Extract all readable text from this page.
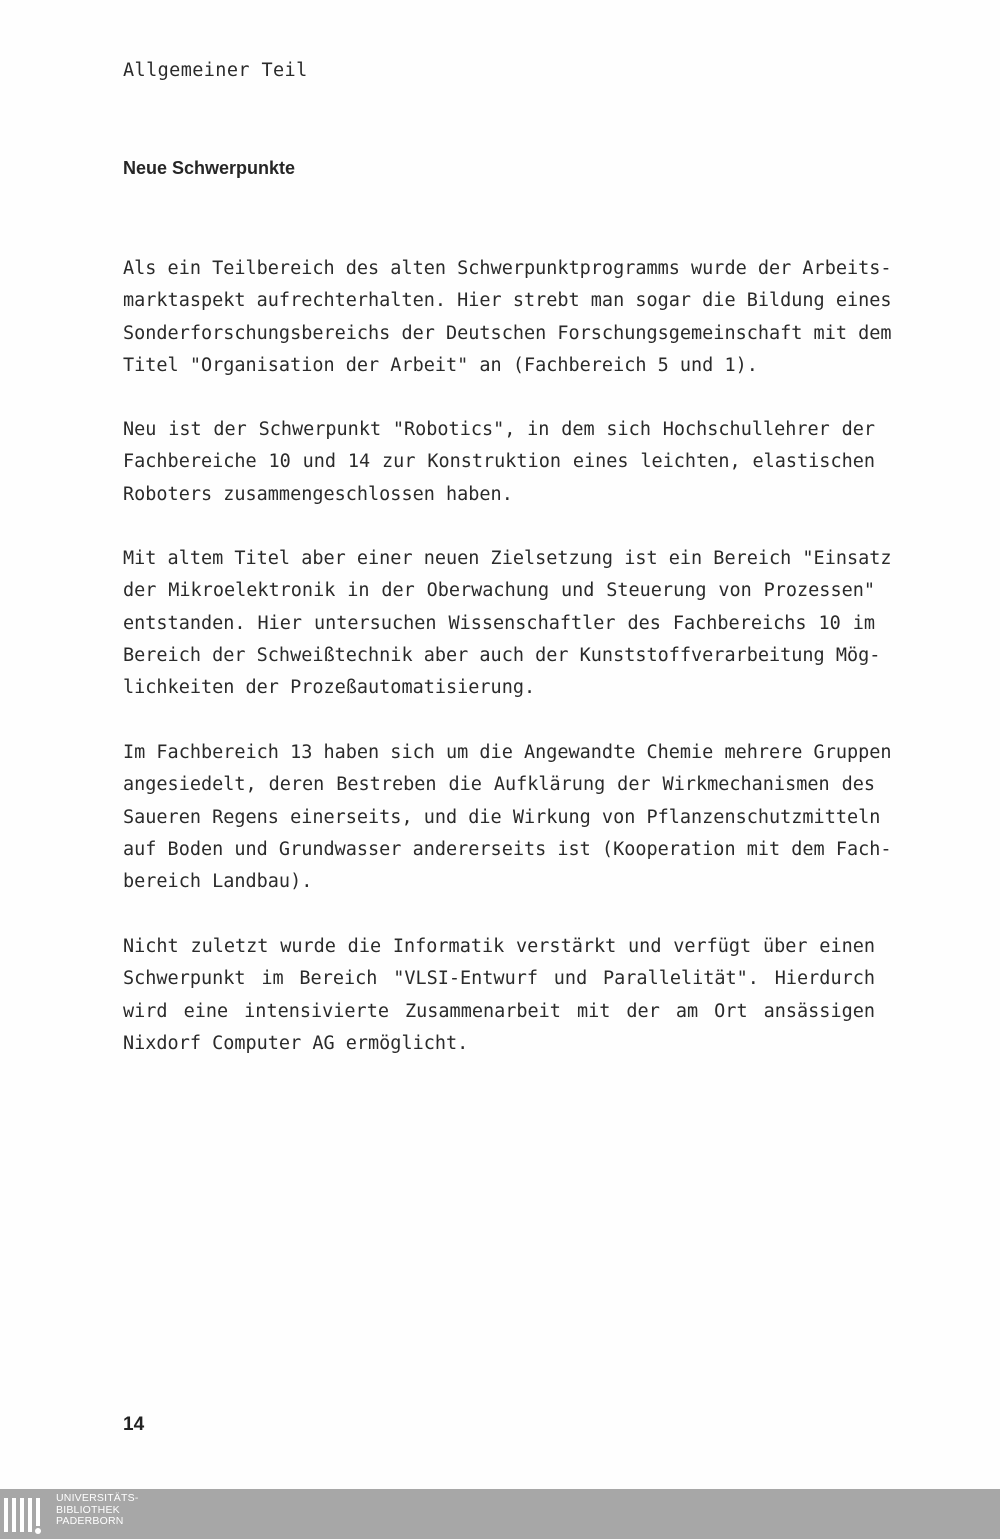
Allgemeiner Teil
Neue Schwerpunkte
Als ein Teilbereich des alten Schwerpunktprogramms wurde der Arbeits-
marktaspekt aufrechterhalten. Hier strebt man sogar die Bildung eines
Sonderforschungsbereichs der Deutschen Forschungsgemeinschaft mit dem
Titel "Organisation der Arbeit" an (Fachbereich 5 und 1).
Neu ist der Schwerpunkt "Robotics", in dem sich Hochschullehrer der
Fachbereiche 10 und 14 zur Konstruktion eines leichten, elastischen
Roboters zusammengeschlossen haben.
Mit altem Titel aber einer neuen Zielsetzung ist ein Bereich "Einsatz
der Mikroelektronik in der Oberwachung und Steuerung von Prozessen"
entstanden. Hier untersuchen Wissenschaftler des Fachbereichs 10 im
Bereich der Schweißtechnik aber auch der Kunststoffverarbeitung Mög-
lichkeiten der Prozeßautomatisierung.
Im Fachbereich 13 haben sich um die Angewandte Chemie mehrere Gruppen
angesiedelt, deren Bestreben die Aufklärung der Wirkmechanismen des
Saueren Regens einerseits, und die Wirkung von Pflanzenschutzmitteln
auf Boden und Grundwasser andererseits ist (Kooperation mit dem Fach-
bereich Landbau).
Nicht zuletzt wurde die Informatik verstärkt und verfügt über einen
Schwerpunkt im Bereich "VLSI-Entwurf und Parallelität". Hierdurch
wird eine intensivierte Zusammenarbeit mit der am Ort ansässigen
Nixdorf Computer AG ermöglicht.
14
UNIVERSITÄTS-
BIBLIOTHEK
PADERBORN
